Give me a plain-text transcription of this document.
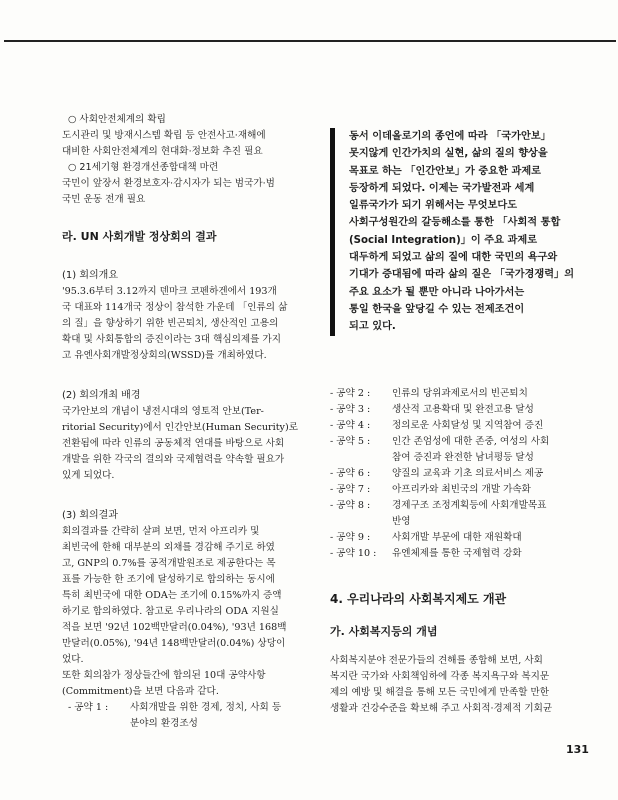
○ 사회안전체계의 확립

도시관리 및 방재시스템 확립 등 안전사고·재해에

대비한 사회안전체계의 현대화·정보화 추진 필요

○ 21세기형 환경개선종합대책 마련

국민이 앞장서 환경보호자·감시자가 되는 범국가·범

국민 운동 전개 필요

라. UN 사회개발 정상회의 결과

(1) 회의개요

'95.3.6부터 3.12까지 덴마크 코펜하겐에서 193개

국 대표와 114개국 정상이 참석한 가운데 「인류의 삶

의 질」을 향상하기 위한 빈곤퇴치, 생산적인 고용의

확대 및 사회통합의 증진이라는 3대 핵심의제를 가지

고 유엔사회개발정상회의(WSSD)를 개최하였다.

(2) 회의개최 배경

국가안보의 개념이 냉전시대의 영토적 안보(Ter-

ritorial Security)에서 인간안보(Human Security)로

전환됨에 따라 인류의 공동체적 연대를 바탕으로 사회

개발을 위한 각국의 결의와 국제협력을 약속할 필요가

있게 되었다.

(3) 회의결과

회의결과를 간략히 살펴 보면, 먼저 아프리카 및

최빈국에 한해 대부분의 외채를 경감해 주기로 하였

고, GNP의 0.7%를 공적개발원조로 제공한다는 목

표를 가능한 한 조기에 달성하기로 합의하는 동시에

특히 최빈국에 대한 ODA는 조기에 0.15%까지 증액

하기로 합의하였다. 참고로 우리나라의 ODA 지원실

적을 보면 '92년 102백만달러(0.04%), '93년 168백

만달러(0.05%), '94년 148백만달러(0.04%) 상당이

었다.

또한 회의참가 정상들간에 합의된 10대 공약사항

(Commitment)을 보면 다음과 같다.

- 공약 1 :	사회개발을 위한 경제, 정치, 사회 등
분야의 환경조성

동서 이데올로기의 종언에 따라 「국가안보」

못지않게 인간가치의 실현, 삶의 질의 향상을

목표로 하는 「인간안보」가 중요한 과제로

등장하게 되었다. 이제는 국가발전과 세계

일류국가가 되기 위해서는 무엇보다도

사회구성원간의 갈등해소를 통한 「사회적 통합

(Social Integration)」이 주요 과제로

대두하게 되었고 삶의 질에 대한 국민의 욕구와

기대가 증대됨에 따라 삶의 질은 「국가경쟁력」의

주요 요소가 될 뿐만 아니라 나아가서는

통일 한국을 앞당길 수 있는 전제조건이

되고 있다.

- 공약 2 :	인류의 당위과제로서의 빈곤퇴치
- 공약 3 :	생산적 고용확대 및 완전고용 달성
- 공약 4 :	정의로운 사회달성 및 지역참여 증진
- 공약 5 :	인간 존엄성에 대한 존중, 여성의 사회
참여 증진과 완전한 남녀평등 달성
- 공약 6 :	양질의 교육과 기초 의료서비스 제공
- 공약 7 :	아프리카와 최빈국의 개발 가속화
- 공약 8 :	경제구조 조정계획등에 사회개발목표
반영
- 공약 9 :	사회개발 부문에 대한 재원확대
- 공약 10 :	유엔체제를 통한 국제협력 강화

4. 우리나라의 사회복지제도 개관

가. 사회복지등의 개념

사회복지분야 전문가들의 견해를 종합해 보면, 사회

복지란 국가와 사회책임하에 각종 복지욕구와 복지문

제의 예방 및 해결을 통해 모든 국민에게 만족할 만한

생활과 건강수준을 확보해 주고 사회적·경제적 기회균

131
